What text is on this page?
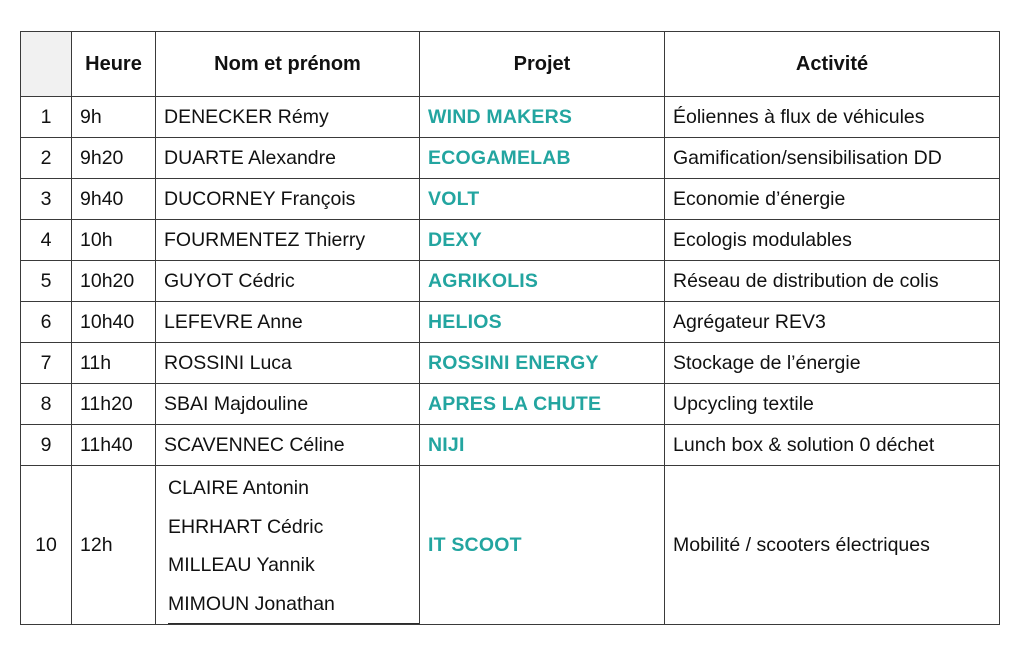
	Heure	Nom et prénom	Projet	Activité
1	9h	DENECKER Rémy	WIND MAKERS	Éoliennes à flux de véhicules
2	9h20	DUARTE Alexandre	ECOGAMELAB	Gamification/sensibilisation DD
3	9h40	DUCORNEY François	VOLT	Economie d’énergie
4	10h	FOURMENTEZ Thierry	DEXY	Ecologis modulables
5	10h20	GUYOT Cédric	AGRIKOLIS	Réseau de distribution de colis
6	10h40	LEFEVRE Anne	HELIOS	Agrégateur REV3
7	11h	ROSSINI Luca	ROSSINI ENERGY	Stockage de l’énergie
8	11h20	SBAI Majdouline	APRES LA CHUTE	Upcycling textile
9	11h40	SCAVENNEC Céline	NIJI	Lunch box & solution 0 déchet
10	12h	CLAIRE Antonin
EHRHART Cédric
MILLEAU Yannik
MIMOUN Jonathan	IT SCOOT	Mobilité / scooters électriques
